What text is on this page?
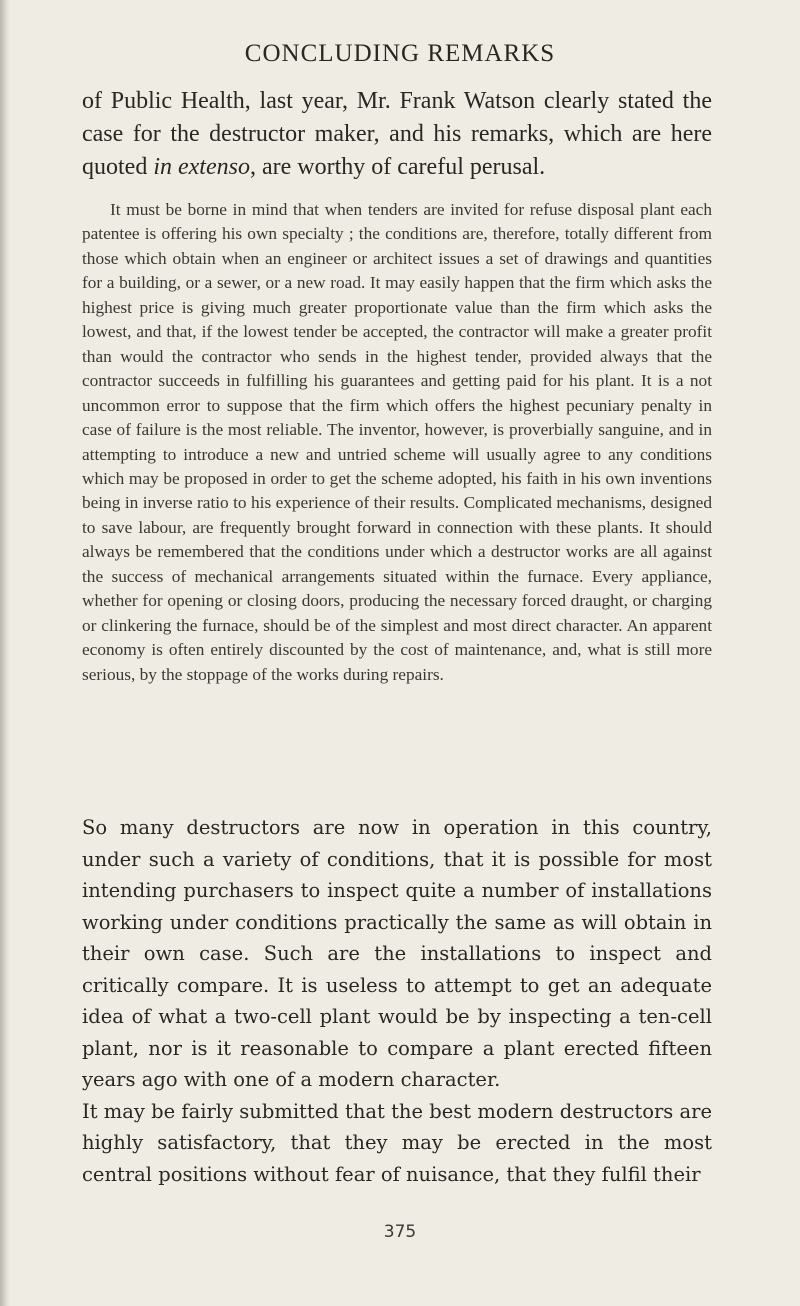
CONCLUDING REMARKS

of Public Health, last year, Mr. Frank Watson clearly stated the case for the destructor maker, and his remarks, which are here quoted in extenso, are worthy of careful perusal.

It must be borne in mind that when tenders are invited for refuse disposal plant each patentee is offering his own specialty ; the conditions are, therefore, totally different from those which obtain when an engineer or architect issues a set of drawings and quantities for a building, or a sewer, or a new road. It may easily happen that the firm which asks the highest price is giving much greater proportionate value than the firm which asks the lowest, and that, if the lowest tender be accepted, the contractor will make a greater profit than would the contractor who sends in the highest tender, provided always that the contractor succeeds in fulfilling his guarantees and getting paid for his plant. It is a not uncommon error to suppose that the firm which offers the highest pecuniary penalty in case of failure is the most reliable. The inventor, however, is proverbially sanguine, and in attempting to introduce a new and untried scheme will usually agree to any conditions which may be proposed in order to get the scheme adopted, his faith in his own inventions being in inverse ratio to his experience of their results. Complicated mechanisms, designed to save labour, are frequently brought forward in connection with these plants. It should always be remembered that the conditions under which a destructor works are all against the success of mechanical arrangements situated within the furnace. Every appliance, whether for opening or closing doors, producing the necessary forced draught, or charging or clinkering the furnace, should be of the simplest and most direct character. An apparent economy is often entirely discounted by the cost of maintenance, and, what is still more serious, by the stoppage of the works during repairs.

So many destructors are now in operation in this country, under such a variety of conditions, that it is possible for most intending purchasers to inspect quite a number of installations working under conditions practically the same as will obtain in their own case. Such are the installations to inspect and critically compare. It is useless to attempt to get an adequate idea of what a two-cell plant would be by inspecting a ten-cell plant, nor is it reasonable to compare a plant erected fifteen years ago with one of a modern character.

It may be fairly submitted that the best modern destructors are highly satisfactory, that they may be erected in the most central positions without fear of nuisance, that they fulfil their

375
